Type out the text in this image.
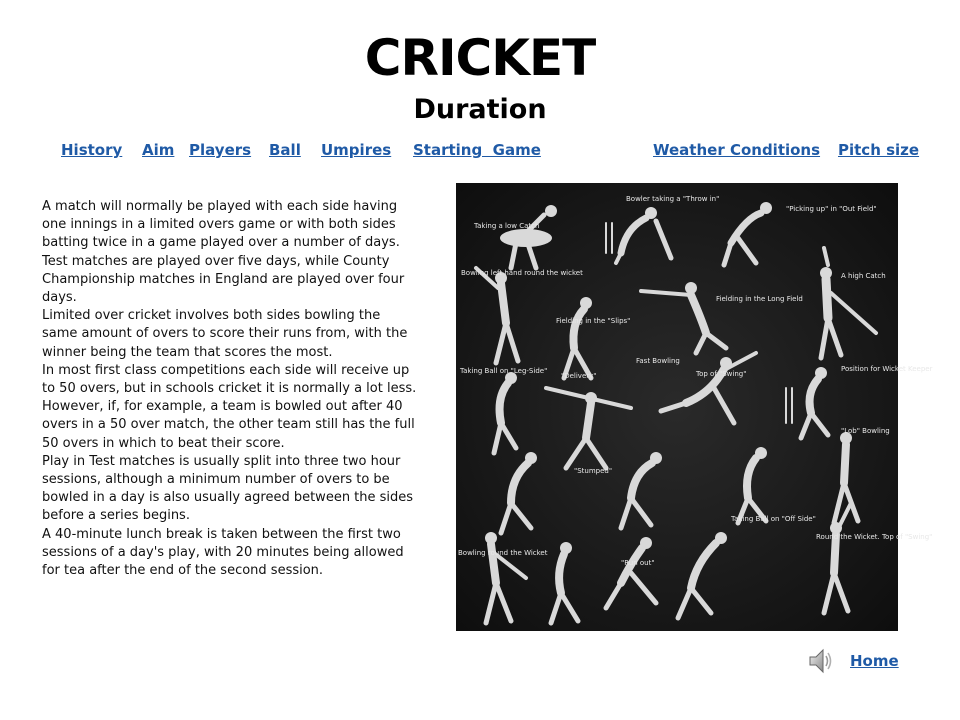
CRICKET
Duration
History Aim Players Ball Umpires Starting  Game	Weather Conditions Pitch size

A match will normally be played with each side having one innings in a limited overs game or with both sides batting twice in a game played over a number of days. Test matches are played over five days, while County Championship matches in England are played over four days.

Limited over cricket involves both sides bowling the same amount of overs to score their runs from, with the winner being the team that scores the most.

In most first class competitions each side will receive up to 50 overs, but in schools cricket it is normally a lot less.

However, if, for example, a team is bowled out after 40 overs in a 50 over match, the other team still has the full 50 overs in which to beat their score.

Play in Test matches is usually split into three two hour sessions, although a minimum number of overs to be bowled in a day is also usually agreed between the sides before a series begins.

A 40-minute lunch break is taken between the first two sessions of a day's play, with 20 minutes being allowed for tea after the end of the second session.

Taking a low Catch
Bowler taking a "Throw in"
"Picking up" in "Out Field"
Bowling left hand round the wicket
Fielding in the Long Field
A high Catch
Fielding in the "Slips"
Taking Ball on "Leg-Side"
"Delivery"
Fast Bowling
Top of "Swing"
Position for Wicket Keeper
"Lob" Bowling
"Stumped"
Taking Ball on "Off Side"
Bowling round the Wicket
"Run out"
Round the Wicket. Top of "Swing"
Home
